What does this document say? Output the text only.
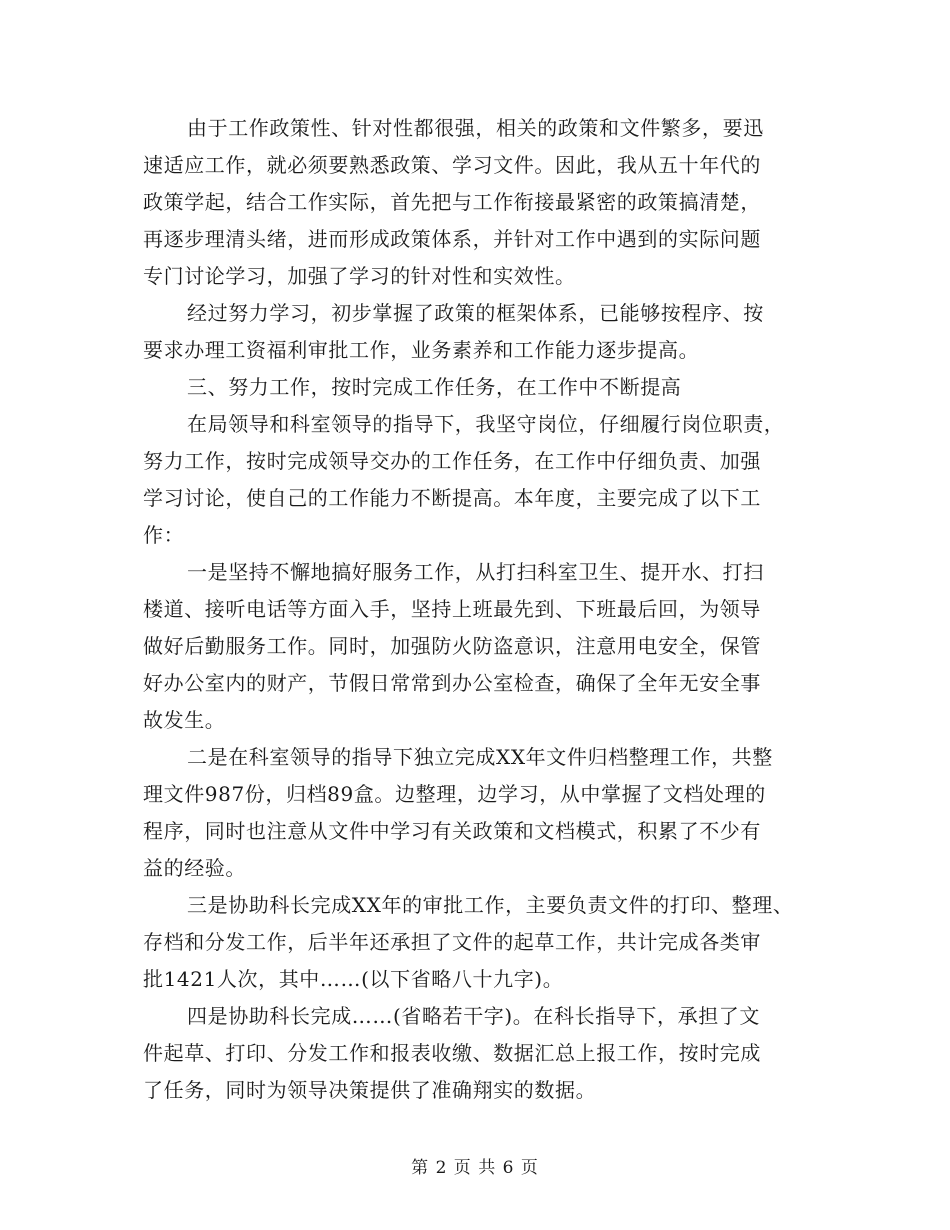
由于工作政策性、针对性都很强，相关的政策和文件繁多，要迅
速适应工作，就必须要熟悉政策、学习文件。因此，我从五十年代的
政策学起，结合工作实际，首先把与工作衔接最紧密的政策搞清楚，
再逐步理清头绪，进而形成政策体系，并针对工作中遇到的实际问题
专门讨论学习，加强了学习的针对性和实效性。
经过努力学习，初步掌握了政策的框架体系，已能够按程序、按
要求办理工资福利审批工作，业务素养和工作能力逐步提高。
三、努力工作，按时完成工作任务，在工作中不断提高
在局领导和科室领导的指导下，我坚守岗位，仔细履行岗位职责，
努力工作，按时完成领导交办的工作任务，在工作中仔细负责、加强
学习讨论，使自己的工作能力不断提高。本年度，主要完成了以下工
作：
一是坚持不懈地搞好服务工作，从打扫科室卫生、提开水、打扫
楼道、接听电话等方面入手，坚持上班最先到、下班最后回，为领导
做好后勤服务工作。同时，加强防火防盗意识，注意用电安全，保管
好办公室内的财产，节假日常常到办公室检查，确保了全年无安全事
故发生。
二是在科室领导的指导下独立完成XX年文件归档整理工作，共整
理文件987份，归档89盒。边整理，边学习，从中掌握了文档处理的
程序，同时也注意从文件中学习有关政策和文档模式，积累了不少有
益的经验。
三是协助科长完成XX年的审批工作，主要负责文件的打印、整理、
存档和分发工作，后半年还承担了文件的起草工作，共计完成各类审
批1421人次，其中……(以下省略八十九字)。
四是协助科长完成……(省略若干字)。在科长指导下，承担了文
件起草、打印、分发工作和报表收缴、数据汇总上报工作，按时完成
了任务，同时为领导决策提供了准确翔实的数据。
第 2 页 共 6 页
